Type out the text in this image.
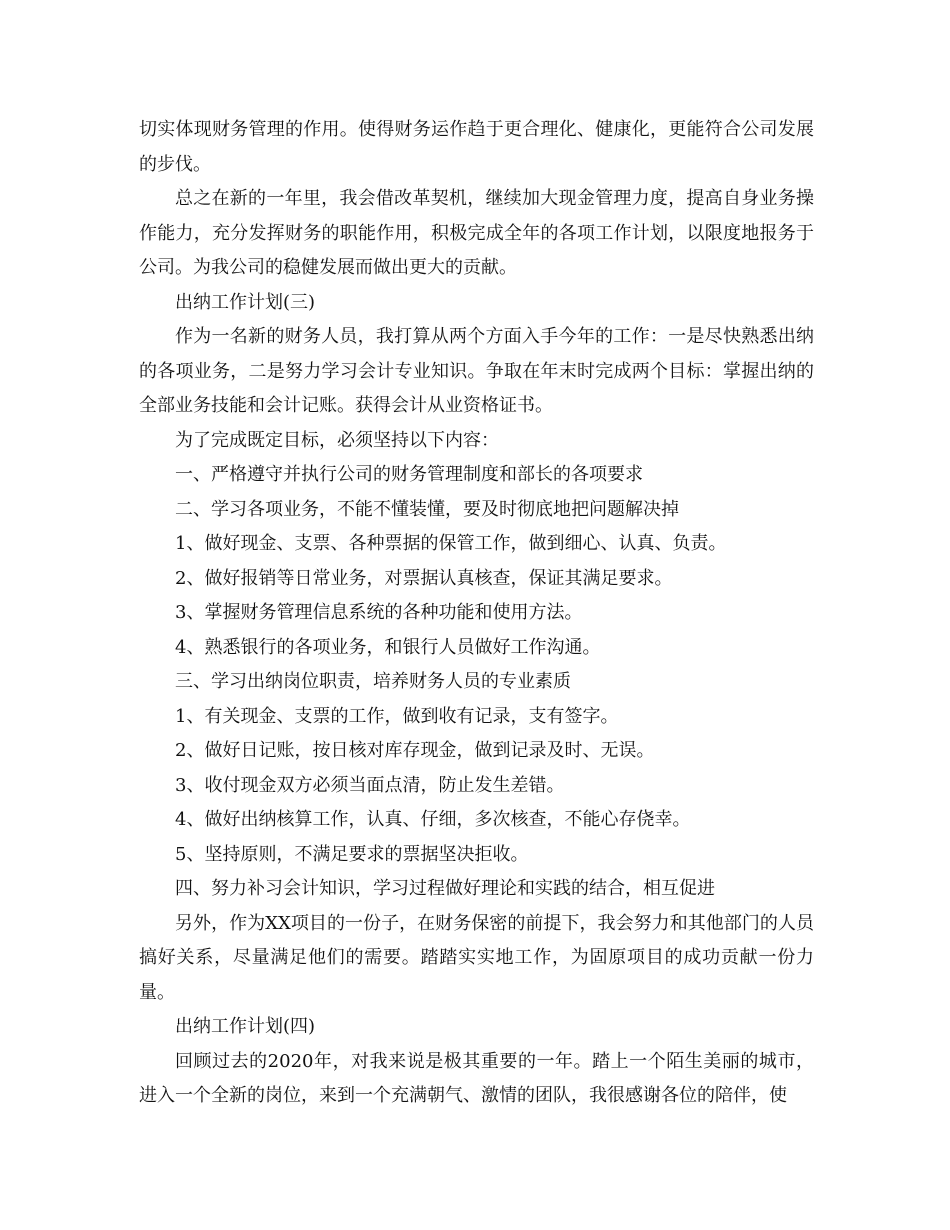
切实体现财务管理的作用。使得财务运作趋于更合理化、健康化，更能符合公司发展的步伐。

总之在新的一年里，我会借改革契机，继续加大现金管理力度，提高自身业务操作能力，充分发挥财务的职能作用，积极完成全年的各项工作计划，以限度地报务于公司。为我公司的稳健发展而做出更大的贡献。

出纳工作计划(三)

作为一名新的财务人员，我打算从两个方面入手今年的工作：一是尽快熟悉出纳的各项业务，二是努力学习会计专业知识。争取在年末时完成两个目标：掌握出纳的全部业务技能和会计记账。获得会计从业资格证书。

为了完成既定目标，必须坚持以下内容：

一、严格遵守并执行公司的财务管理制度和部长的各项要求

二、学习各项业务，不能不懂装懂，要及时彻底地把问题解决掉

1、做好现金、支票、各种票据的保管工作，做到细心、认真、负责。

2、做好报销等日常业务，对票据认真核查，保证其满足要求。

3、掌握财务管理信息系统的各种功能和使用方法。

4、熟悉银行的各项业务，和银行人员做好工作沟通。

三、学习出纳岗位职责，培养财务人员的专业素质

1、有关现金、支票的工作，做到收有记录，支有签字。

2、做好日记账，按日核对库存现金，做到记录及时、无误。

3、收付现金双方必须当面点清，防止发生差错。

4、做好出纳核算工作，认真、仔细，多次核查，不能心存侥幸。

5、坚持原则，不满足要求的票据坚决拒收。

四、努力补习会计知识，学习过程做好理论和实践的结合，相互促进

另外，作为XX项目的一份子，在财务保密的前提下，我会努力和其他部门的人员搞好关系，尽量满足他们的需要。踏踏实实地工作，为固原项目的成功贡献一份力量。

出纳工作计划(四)

回顾过去的2020年，对我来说是极其重要的一年。踏上一个陌生美丽的城市，进入一个全新的岗位，来到一个充满朝气、激情的团队，我很感谢各位的陪伴，使
